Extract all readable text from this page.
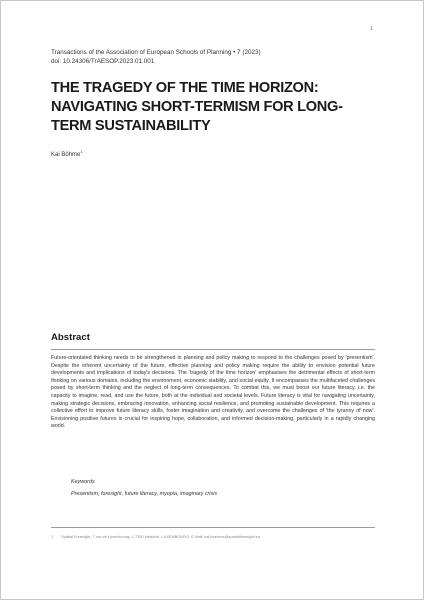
1
Transactions of the Association of European Schools of Planning • 7 (2023)
doi: 10.24306/TrAESOP.2023.01.001
THE TRAGEDY OF THE TIME HORIZON: NAVIGATING SHORT-TERMISM FOR LONG-TERM SUSTAINABILITY
Kai Böhme$^1$
Abstract

Future-orientated thinking needs to be strengthened in planning and policy making to respond to the challenges posed by 'presentism'. Despite the inherent uncertainty of the future, effective planning and policy making require the ability to envision potential future developments and implications of today's decisions. The 'tragedy of the time horizon' emphasises the detrimental effects of short-term thinking on various domains, including the environment, economic stability, and social equity. It encompasses the multifaceted challenges posed by short-term thinking and the neglect of long-term consequences. To combat this, we must boost our future literacy, i.e. the capacity to imagine, read, and use the future, both at the individual and societal levels. Future literacy is vital for navigating uncertainty, making strategic decisions, embracing innovation, enhancing social resilience, and promoting sustainable development. This requires a collective effort to improve future literacy skills, foster imagination and creativity, and overcome the challenges of 'the tyranny of now'. Envisioning positive futures is crucial for inspiring hope, collaboration, and informed decision-making, particularly in a rapidly changing world.

Keywords
Presentism, foresight, future literacy, myopia, imaginary crisis
1 Spatial Foresight, 7 rue de Luxembourg, L-7330 Heisdorf, LUXEMBOURG. E-Mail: kai.boehme@spatialforesight.eu
